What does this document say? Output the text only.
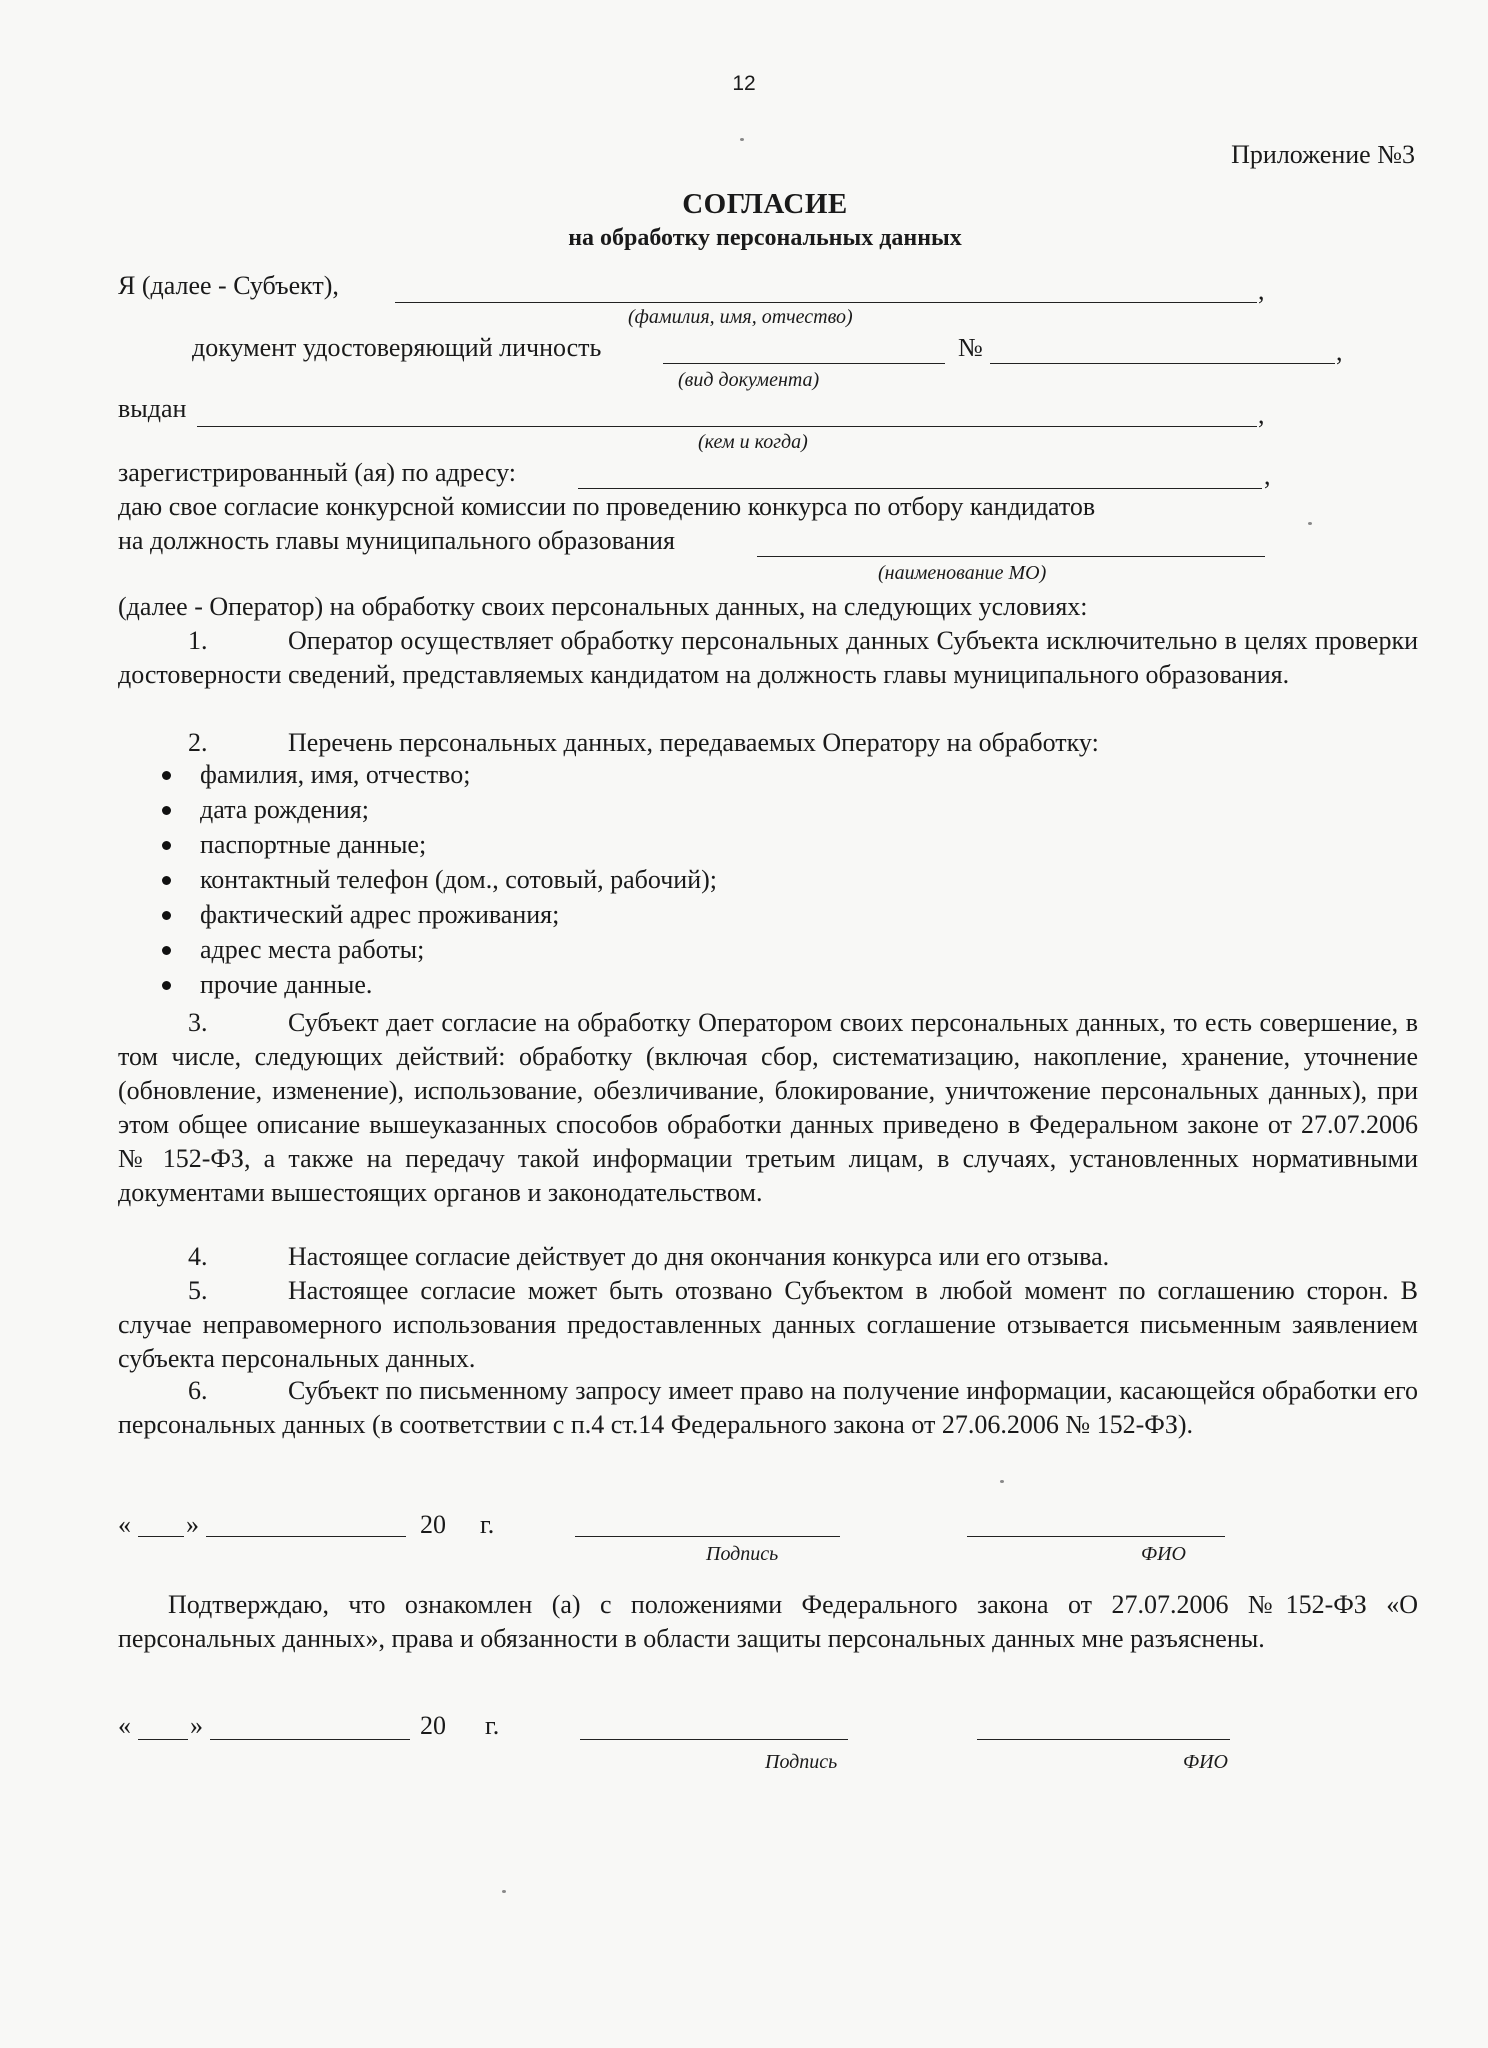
12
Приложение №3
СОГЛАСИЕ
на обработку персональных данных
Я (далее - Субъект),	,
(фамилия, имя, отчество)
документ удостоверяющий личность	№	,
(вид документа)
выдан	,
(кем и когда)
зарегистрированный (ая) по адресу:	,
даю свое согласие конкурсной комиссии по проведению конкурса по отбору кандидатов
на должность главы муниципального образования
(наименование МО)
(далее - Оператор) на обработку своих персональных данных, на следующих условиях:
1.	Оператор осуществляет обработку персональных данных Субъекта исключительно в целях проверки достоверности сведений, представляемых кандидатом на должность главы муниципального образования.
2.	Перечень персональных данных, передаваемых Оператору на обработку:
фамилия, имя, отчество;
дата рождения;
паспортные данные;
контактный телефон (дом., сотовый, рабочий);
фактический адрес проживания;
адрес места работы;
прочие данные.
3.	Субъект дает согласие на обработку Оператором своих персональных данных, то есть совершение, в том числе, следующих действий: обработку (включая сбор, систематизацию, накопление, хранение, уточнение (обновление, изменение), использование, обезличивание, блокирование, уничтожение персональных данных), при этом общее описание вышеуказанных способов обработки данных приведено в Федеральном законе от 27.07.2006 № 152-ФЗ, а также на передачу такой информации третьим лицам, в случаях, установленных нормативными документами вышестоящих органов и законодательством.
4.	Настоящее согласие действует до дня окончания конкурса или его отзыва.
5.	Настоящее согласие может быть отозвано Субъектом в любой момент по соглашению сторон. В случае неправомерного использования предоставленных данных соглашение отзывается письменным заявлением субъекта персональных данных.
6.	Субъект по письменному запросу имеет право на получение информации, касающейся обработки его персональных данных (в соответствии с п.4 ст.14 Федерального закона от 27.06.2006 № 152-ФЗ).
« »	20 г.
Подпись	ФИО
Подтверждаю, что ознакомлен (а) с положениями Федерального закона от 27.07.2006 №152-ФЗ «О персональных данных», права и обязанности в области защиты персональных данных мне разъяснены.
« »	20 г.
Подпись	ФИО
